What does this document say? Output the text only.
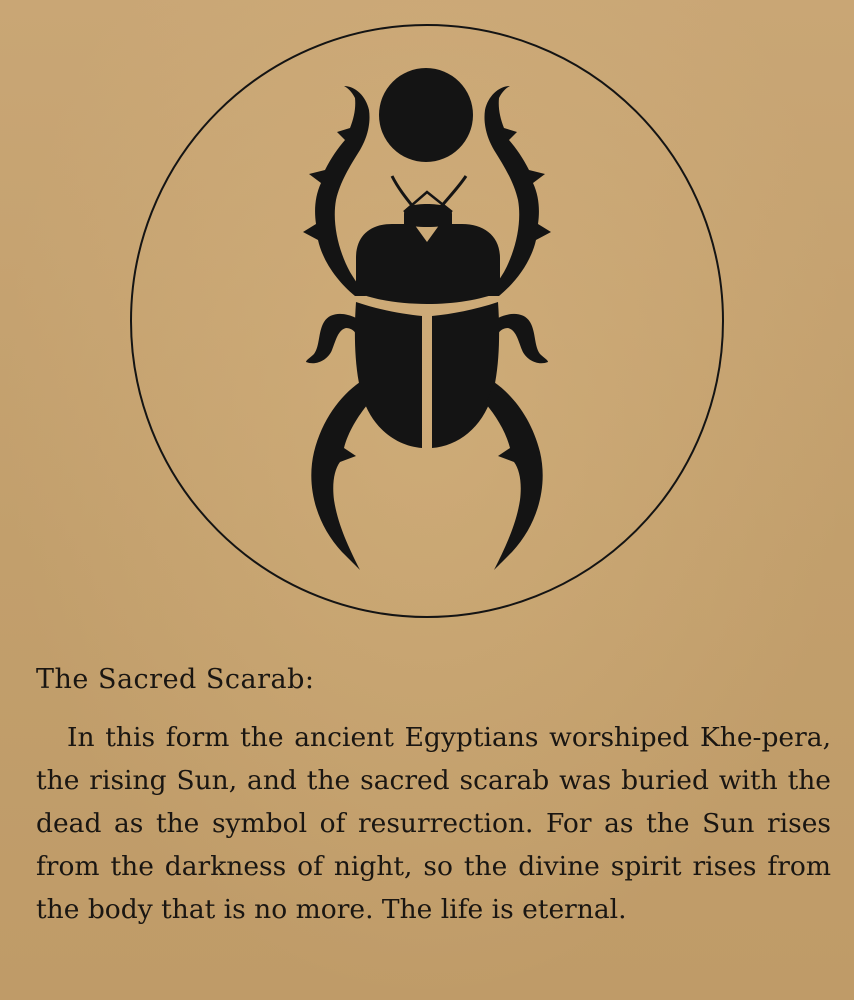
The Sacred Scarab:

In this form the ancient Egyptians worshiped Khe-pera, the rising Sun, and the sacred scarab was buried with the dead as the symbol of resurrection. For as the Sun rises from the darkness of night, so the divine spirit rises from the body that is no more. The life is eternal.
